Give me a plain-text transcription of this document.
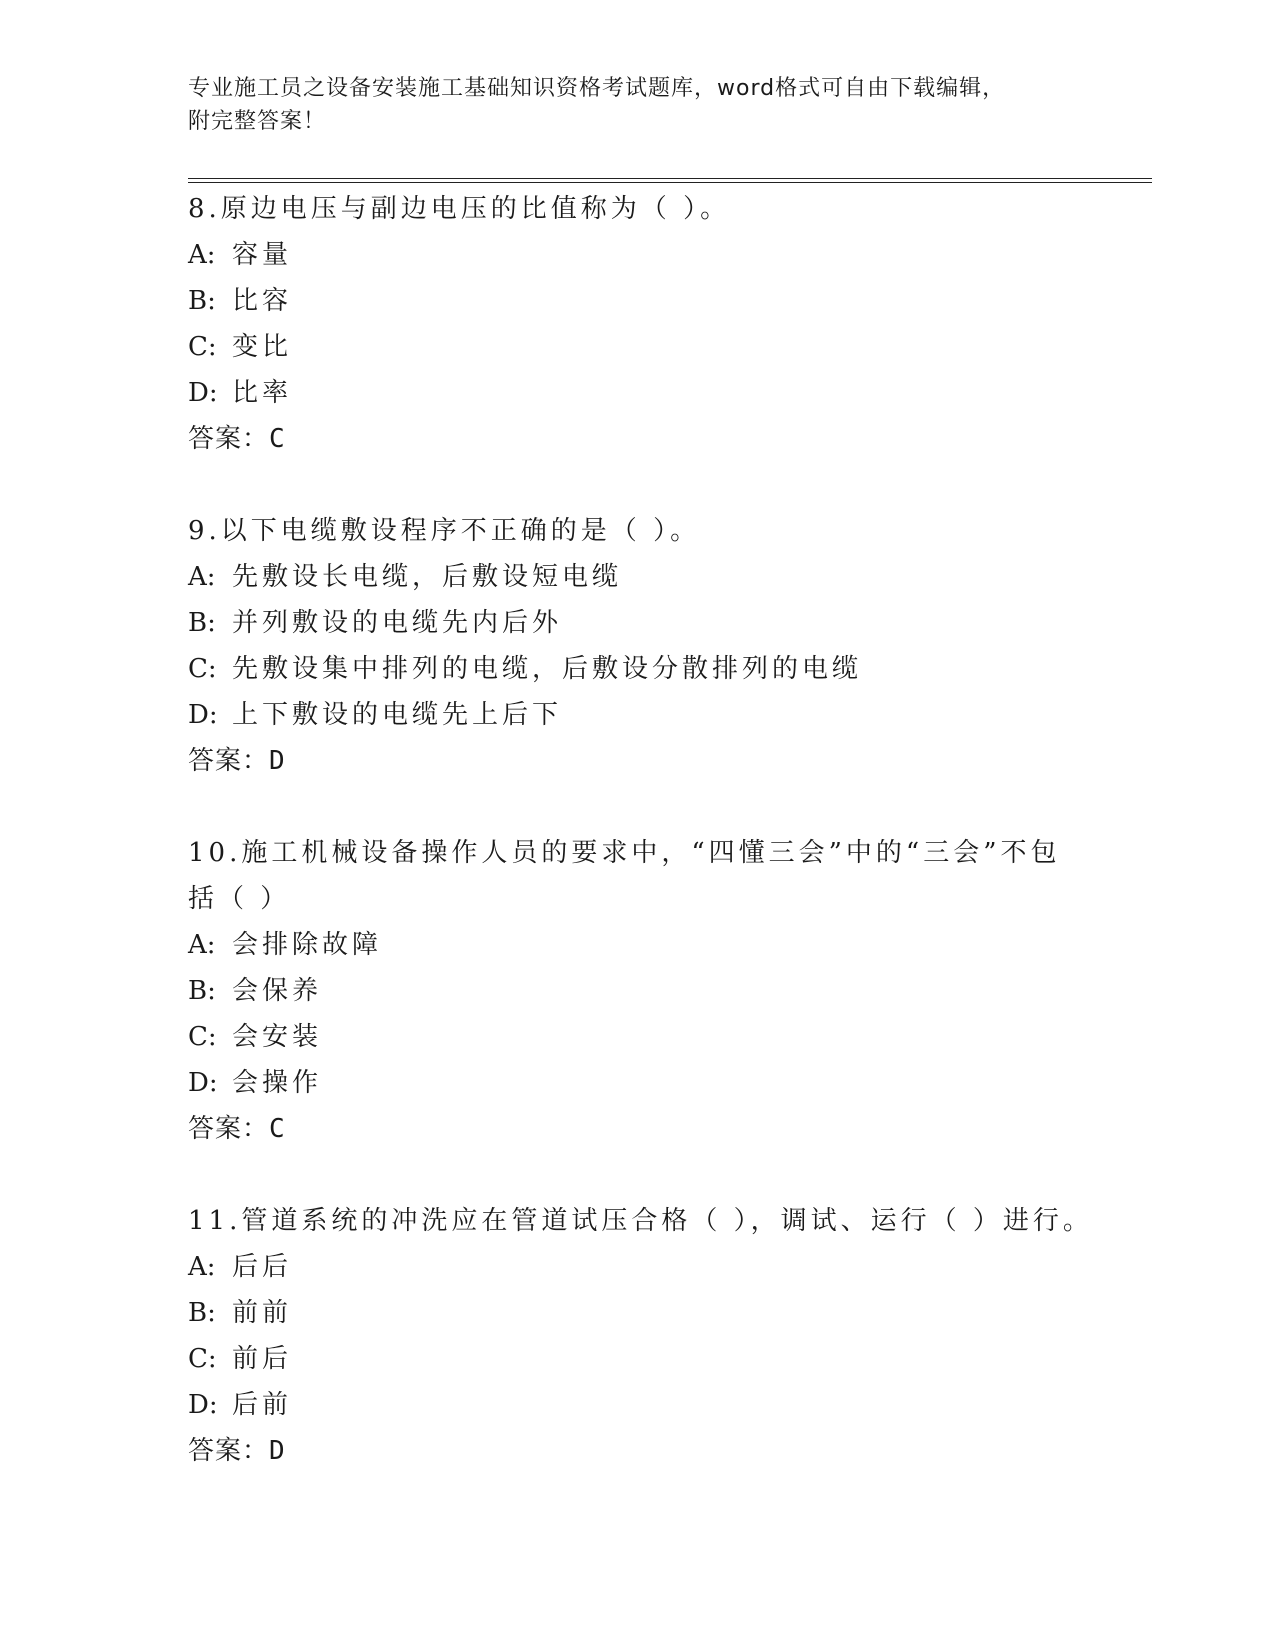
专业施工员之设备安装施工基础知识资格考试题库，word格式可自由下载编辑，
附完整答案！
8.原边电压与副边电压的比值称为（ ）。
A: 容量
B: 比容
C: 变比
D: 比率
答案：C
9.以下电缆敷设程序不正确的是（ ）。
A: 先敷设长电缆，后敷设短电缆
B: 并列敷设的电缆先内后外
C: 先敷设集中排列的电缆，后敷设分散排列的电缆
D: 上下敷设的电缆先上后下
答案：D
10.施工机械设备操作人员的要求中，“四懂三会”中的“三会”不包
括（ ）
A: 会排除故障
B: 会保养
C: 会安装
D: 会操作
答案：C
11.管道系统的冲洗应在管道试压合格（ ），调试、运行（ ）进行。
A: 后后
B: 前前
C: 前后
D: 后前
答案：D
